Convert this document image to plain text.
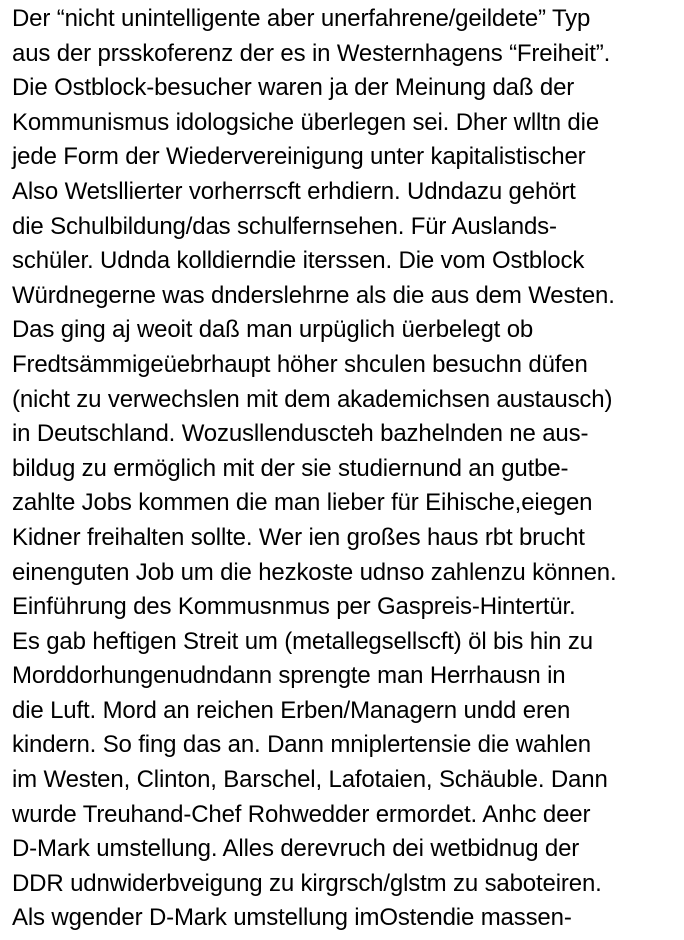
Der “nicht unintelligente aber unerfahrene/geildete” Typ
aus der prsskoferenz der es in Westernhagens “Freiheit”.
Die Ostblock-besucher waren ja der Meinung daß der
Kommunismus idologsiche überlegen sei. Dher wlltn die
jede Form der Wiedervereinigung unter kapitalistischer
Also Wetsllierter vorherrscft erhdiern. Udndazu gehört
die Schulbildung/das schulfernsehen. Für Auslands-
schüler. Udnda kolldierndie iterssen. Die vom Ostblock
Würdnegerne was dnderslehrne als die aus dem Westen.
Das ging aj weoit daß man urpüglich üerbelegt ob
Fredtsämmigeüebrhaupt höher shculen besuchn düfen
(nicht zu verwechslen mit dem akademichsen austausch)
in Deutschland. Wozusllenduscteh bazhelnden ne aus-
bildug zu ermöglich mit der sie studiernund an gutbe-
zahlte Jobs kommen die man lieber für Eihische,eiegen
Kidner freihalten sollte. Wer ien großes haus rbt brucht
einenguten Job um die hezkoste udnso zahlenzu können.
Einführung des Kommusnmus per Gaspreis-Hintertür.
Es gab heftigen Streit um (metallegsellscft) öl bis hin zu
Morddorhungenudndann sprengte man Herrhausn in
die Luft. Mord an reichen Erben/Managern undd eren
kindern. So fing das an. Dann mniplertensie die wahlen
im Westen, Clinton, Barschel, Lafotaien, Schäuble. Dann
wurde Treuhand-Chef Rohwedder ermordet. Anhc deer
D-Mark umstellung. Alles derevruch dei wetbidnug der
DDR udnwiderbveigung zu kirgrsch/glstm zu saboteiren.
Als wgender D-Mark umstellung imOstendie massen-
